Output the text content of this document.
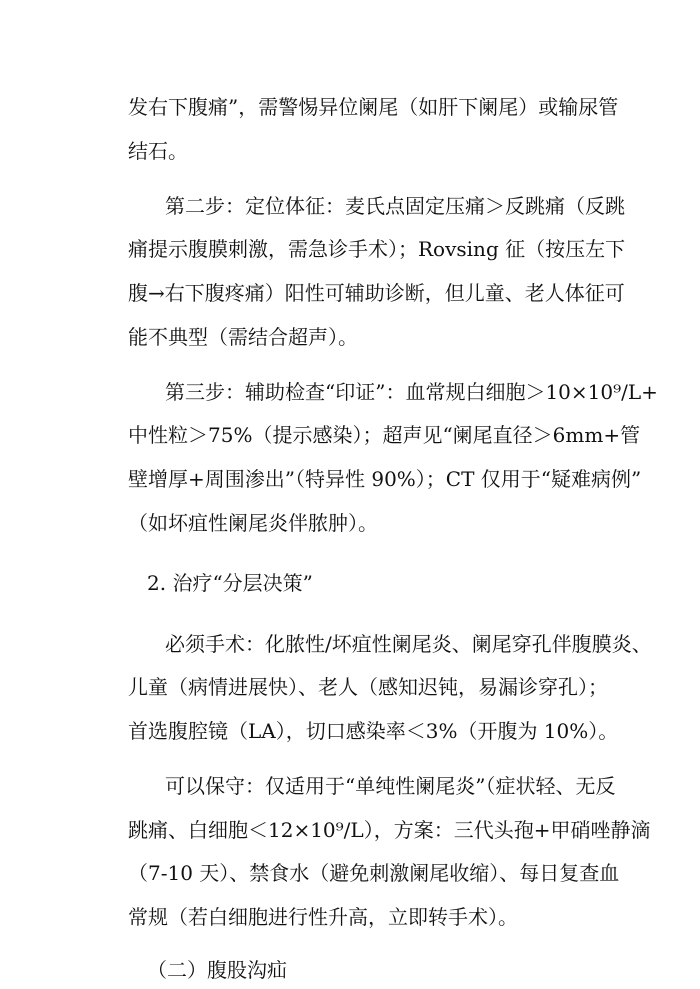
发右下腹痛”，需警惕异位阑尾（如肝下阑尾）或输尿管
结石。
第二步：定位体征：麦氏点固定压痛＞反跳痛（反跳
痛提示腹膜刺激，需急诊手术）；Rovsing 征（按压左下
腹→右下腹疼痛）阳性可辅助诊断，但儿童、老人体征可
能不典型（需结合超声）。
第三步：辅助检查“印证”：血常规白细胞＞10×10⁹/L+
中性粒＞75%（提示感染）；超声见“阑尾直径＞6mm+管
壁增厚+周围渗出”（特异性 90%）；CT 仅用于“疑难病例”
（如坏疽性阑尾炎伴脓肿）。
2. 治疗“分层决策”
必须手术：化脓性/坏疽性阑尾炎、阑尾穿孔伴腹膜炎、
儿童（病情进展快）、老人（感知迟钝，易漏诊穿孔）；
首选腹腔镜（LA），切口感染率＜3%（开腹为 10%）。
可以保守：仅适用于“单纯性阑尾炎”（症状轻、无反
跳痛、白细胞＜12×10⁹/L），方案：三代头孢+甲硝唑静滴
（7-10 天）、禁食水（避免刺激阑尾收缩）、每日复查血
常规（若白细胞进行性升高，立即转手术）。
（二）腹股沟疝
